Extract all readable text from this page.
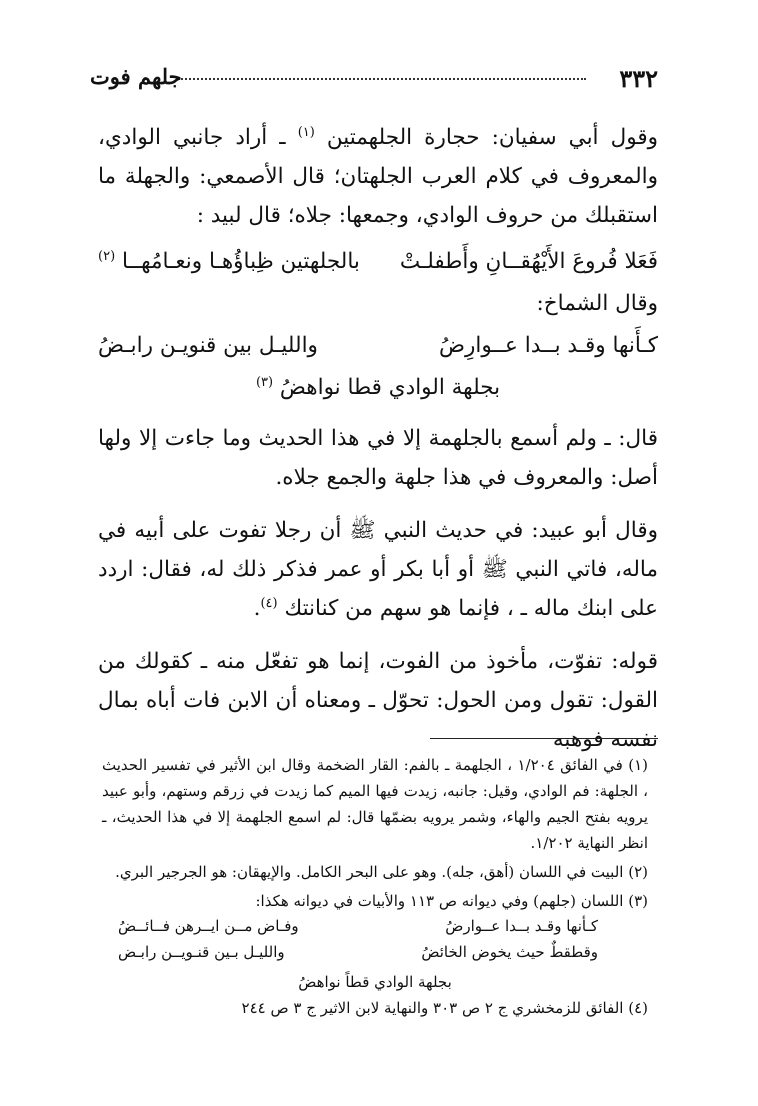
٣٣٢
جلهم فوت

وقول أبي سفيان: حجارة الجلهمتين $^{(١)}$ ـ أراد جانبي الوادي، والمعروف في كلام العرب الجلهتان؛ قال الأصمعي: والجهلة ما استقبلك من حروف الوادي، وجمعها: جلاه؛ قال لبيد :

فَعَلا فُروعَ الأَيْهُقــانِ وأَطفلـتْ
بالجلهتين ظِباؤُهـا ونعـامُهــا $^{(٢)}$
وقال الشماخ:
كـأَنها وقـد بــدا عــوارِضُ
والليـل بين قنويـن رابـضُ
بجلهة الوادي قطا نواهضُ $^{(٣)}$

قال: ـ ولم أسمع بالجلهمة إلا في هذا الحديث وما جاءت إلا ولها أصل: والمعروف في هذا جلهة والجمع جلاه.

وقال أبو عبيد: في حديث النبي ﷺ أن رجلا تفوت على أبيه في ماله، فاتي النبي ﷺ أو أبا بكر أو عمر فذكر ذلك له، فقال: اردد على ابنك ماله ـ ، فإنما هو سهم من كنانتك $^{(٤)}$.

قوله: تفوّت، مأخوذ من الفوت، إنما هو تفعّل منه ـ كقولك من القول: تقول ومن الحول: تحوّل ـ ومعناه أن الابن فات أباه بمال نفسه فوهبه

(١) في الفائق ١/٢٠٤ ، الجلهمة ـ بالفم: القار الضخمة وقال ابن الأثير في تفسير الحديث ، الجلهة: فم الوادي، وقيل: جانبه، زيدت فيها الميم كما زيدت في زرقم وستهم، وأبو عبيد يرويه بفتح الجيم والهاء، وشمر يرويه بضمّها قال: لم اسمع الجلهمة إلا في هذا الحديث، ـ انظر النهاية ١/٢٠٢.
(٢) البيت في اللسان (أهق، جله). وهو على البحر الكامل. والإيهقان: هو الجرجير البري.
(٣) اللسان (جلهم) وفي ديوانه ص ١١٣ والأبيات في ديوانه هكذا:
كـأنها وقـد بــدا عــوارضُ
وفـاض مــن ايــرهن فــائــضُ
وقطقطٌ حيث يخوض الخائضُ
والليـل بـين قنـويــن رابـض
بجلهة الوادي قطاً نواهضُ
(٤) الفائق للزمخشري ج ٢ ص ٣٠٣ والنهاية لابن الاثير ج ٣ ص ٢٤٤
